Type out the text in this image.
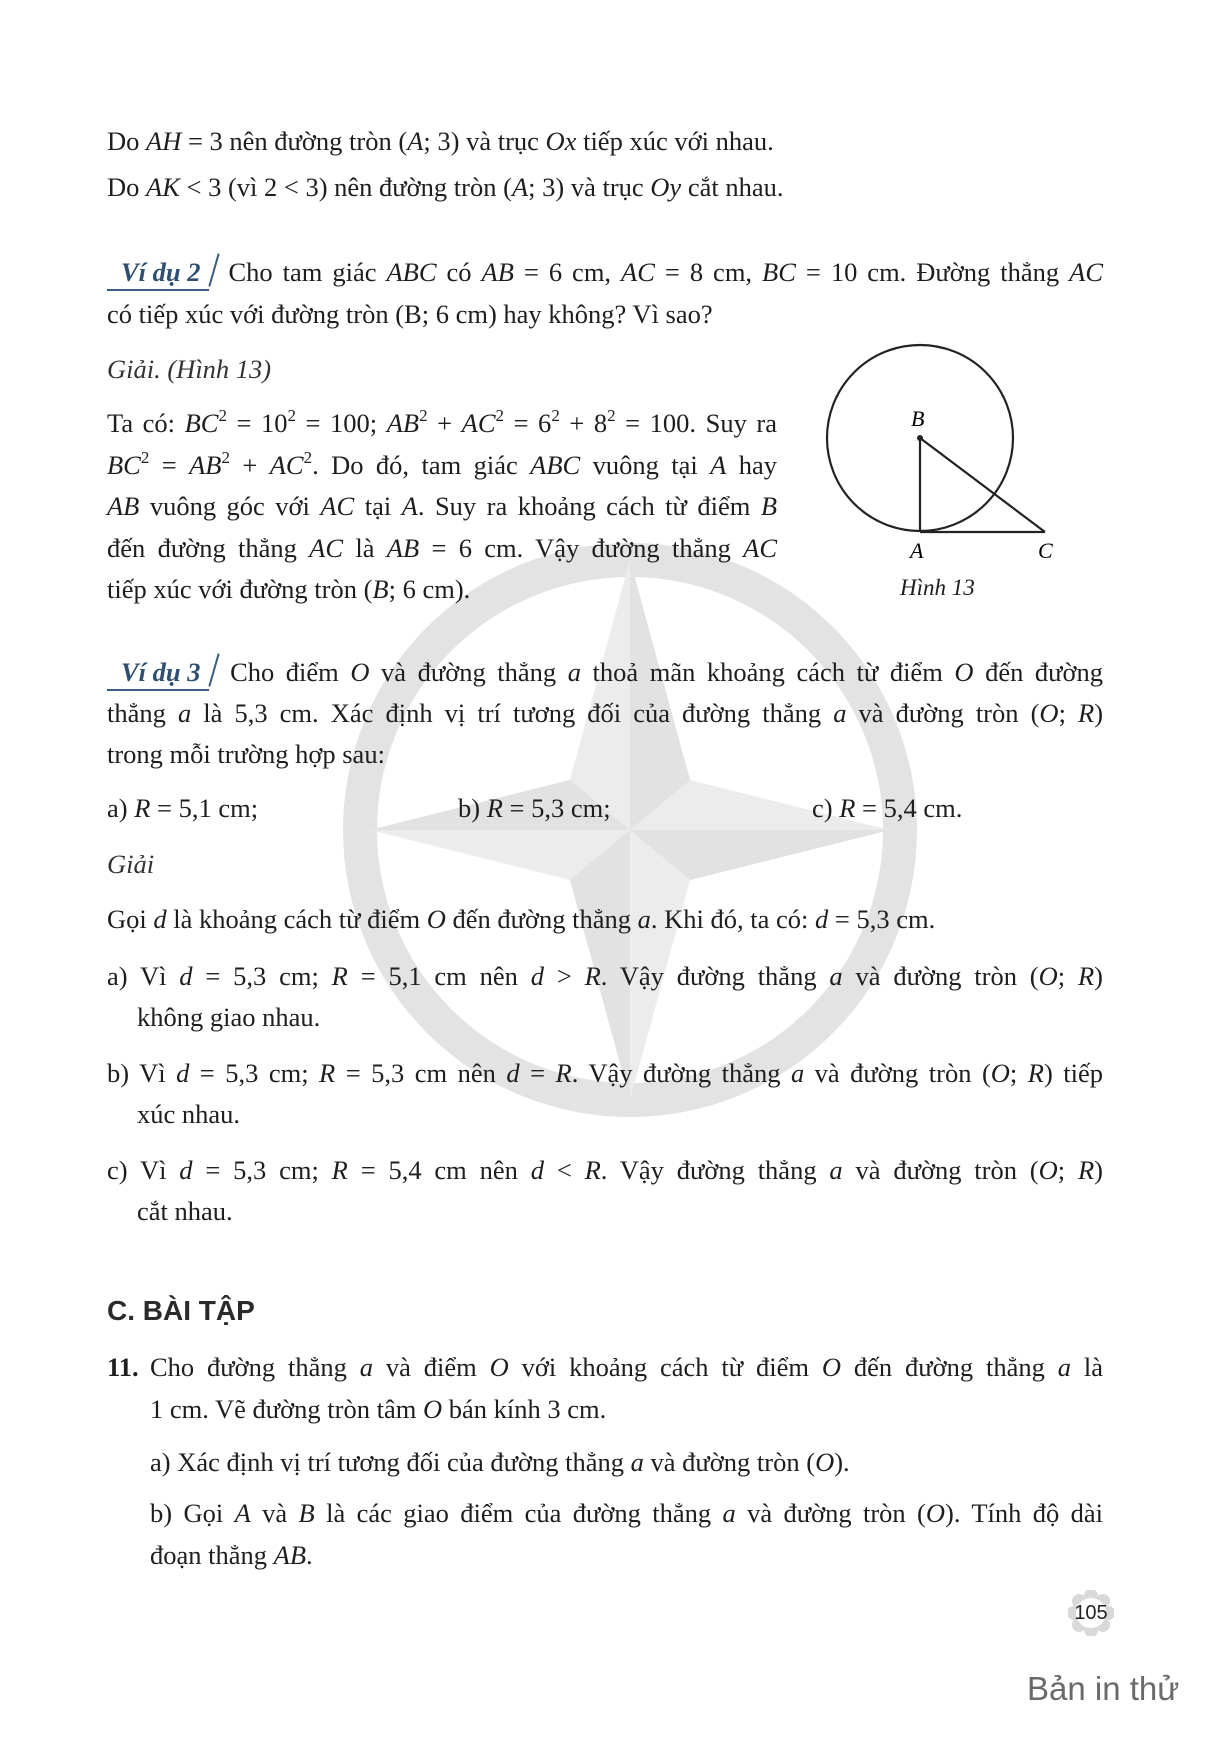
Do AH = 3 nên đường tròn (A; 3) và trục Ox tiếp xúc với nhau.
Do AK < 3 (vì 2 < 3) nên đường tròn (A; 3) và trục Oy cắt nhau.
Ví dụ 2 Cho tam giác ABC có AB = 6 cm, AC = 8 cm, BC = 10 cm. Đường thẳng AC
có tiếp xúc với đường tròn (B; 6 cm) hay không? Vì sao?
Giải. (Hình 13)
Ta có: $BC^2 = 10^2 = 100$; $AB^2 + AC^2 = 6^2 + 8^2 = 100$. Suy ra
$BC^2 = AB^2 + AC^2$. Do đó, tam giác ABC vuông tại A hay
AB vuông góc với AC tại A. Suy ra khoảng cách từ điểm B
đến đường thẳng AC là AB = 6 cm. Vậy đường thẳng AC
tiếp xúc với đường tròn (B; 6 cm).
B
A	C
Hình 13
Ví dụ 3 Cho điểm O và đường thẳng a thoả mãn khoảng cách từ điểm O đến đường
thẳng a là 5,3 cm. Xác định vị trí tương đối của đường thẳng a và đường tròn (O; R)
trong mỗi trường hợp sau:
a) R = 5,1 cm;	b) R = 5,3 cm;	c) R = 5,4 cm.
Giải
Gọi d là khoảng cách từ điểm O đến đường thẳng a. Khi đó, ta có: d = 5,3 cm.
a) Vì d = 5,3 cm; R = 5,1 cm nên d > R. Vậy đường thẳng a và đường tròn (O; R)
không giao nhau.
b) Vì d = 5,3 cm; R = 5,3 cm nên d = R. Vậy đường thẳng a và đường tròn (O; R) tiếp
xúc nhau.
c) Vì d = 5,3 cm; R = 5,4 cm nên d < R. Vậy đường thẳng a và đường tròn (O; R)
cắt nhau.
C. BÀI TẬP
11. Cho đường thẳng a và điểm O với khoảng cách từ điểm O đến đường thẳng a là
1 cm. Vẽ đường tròn tâm O bán kính 3 cm.
a) Xác định vị trí tương đối của đường thẳng a và đường tròn (O).
b) Gọi A và B là các giao điểm của đường thẳng a và đường tròn (O). Tính độ dài
đoạn thẳng AB.
105
Bản in thử
